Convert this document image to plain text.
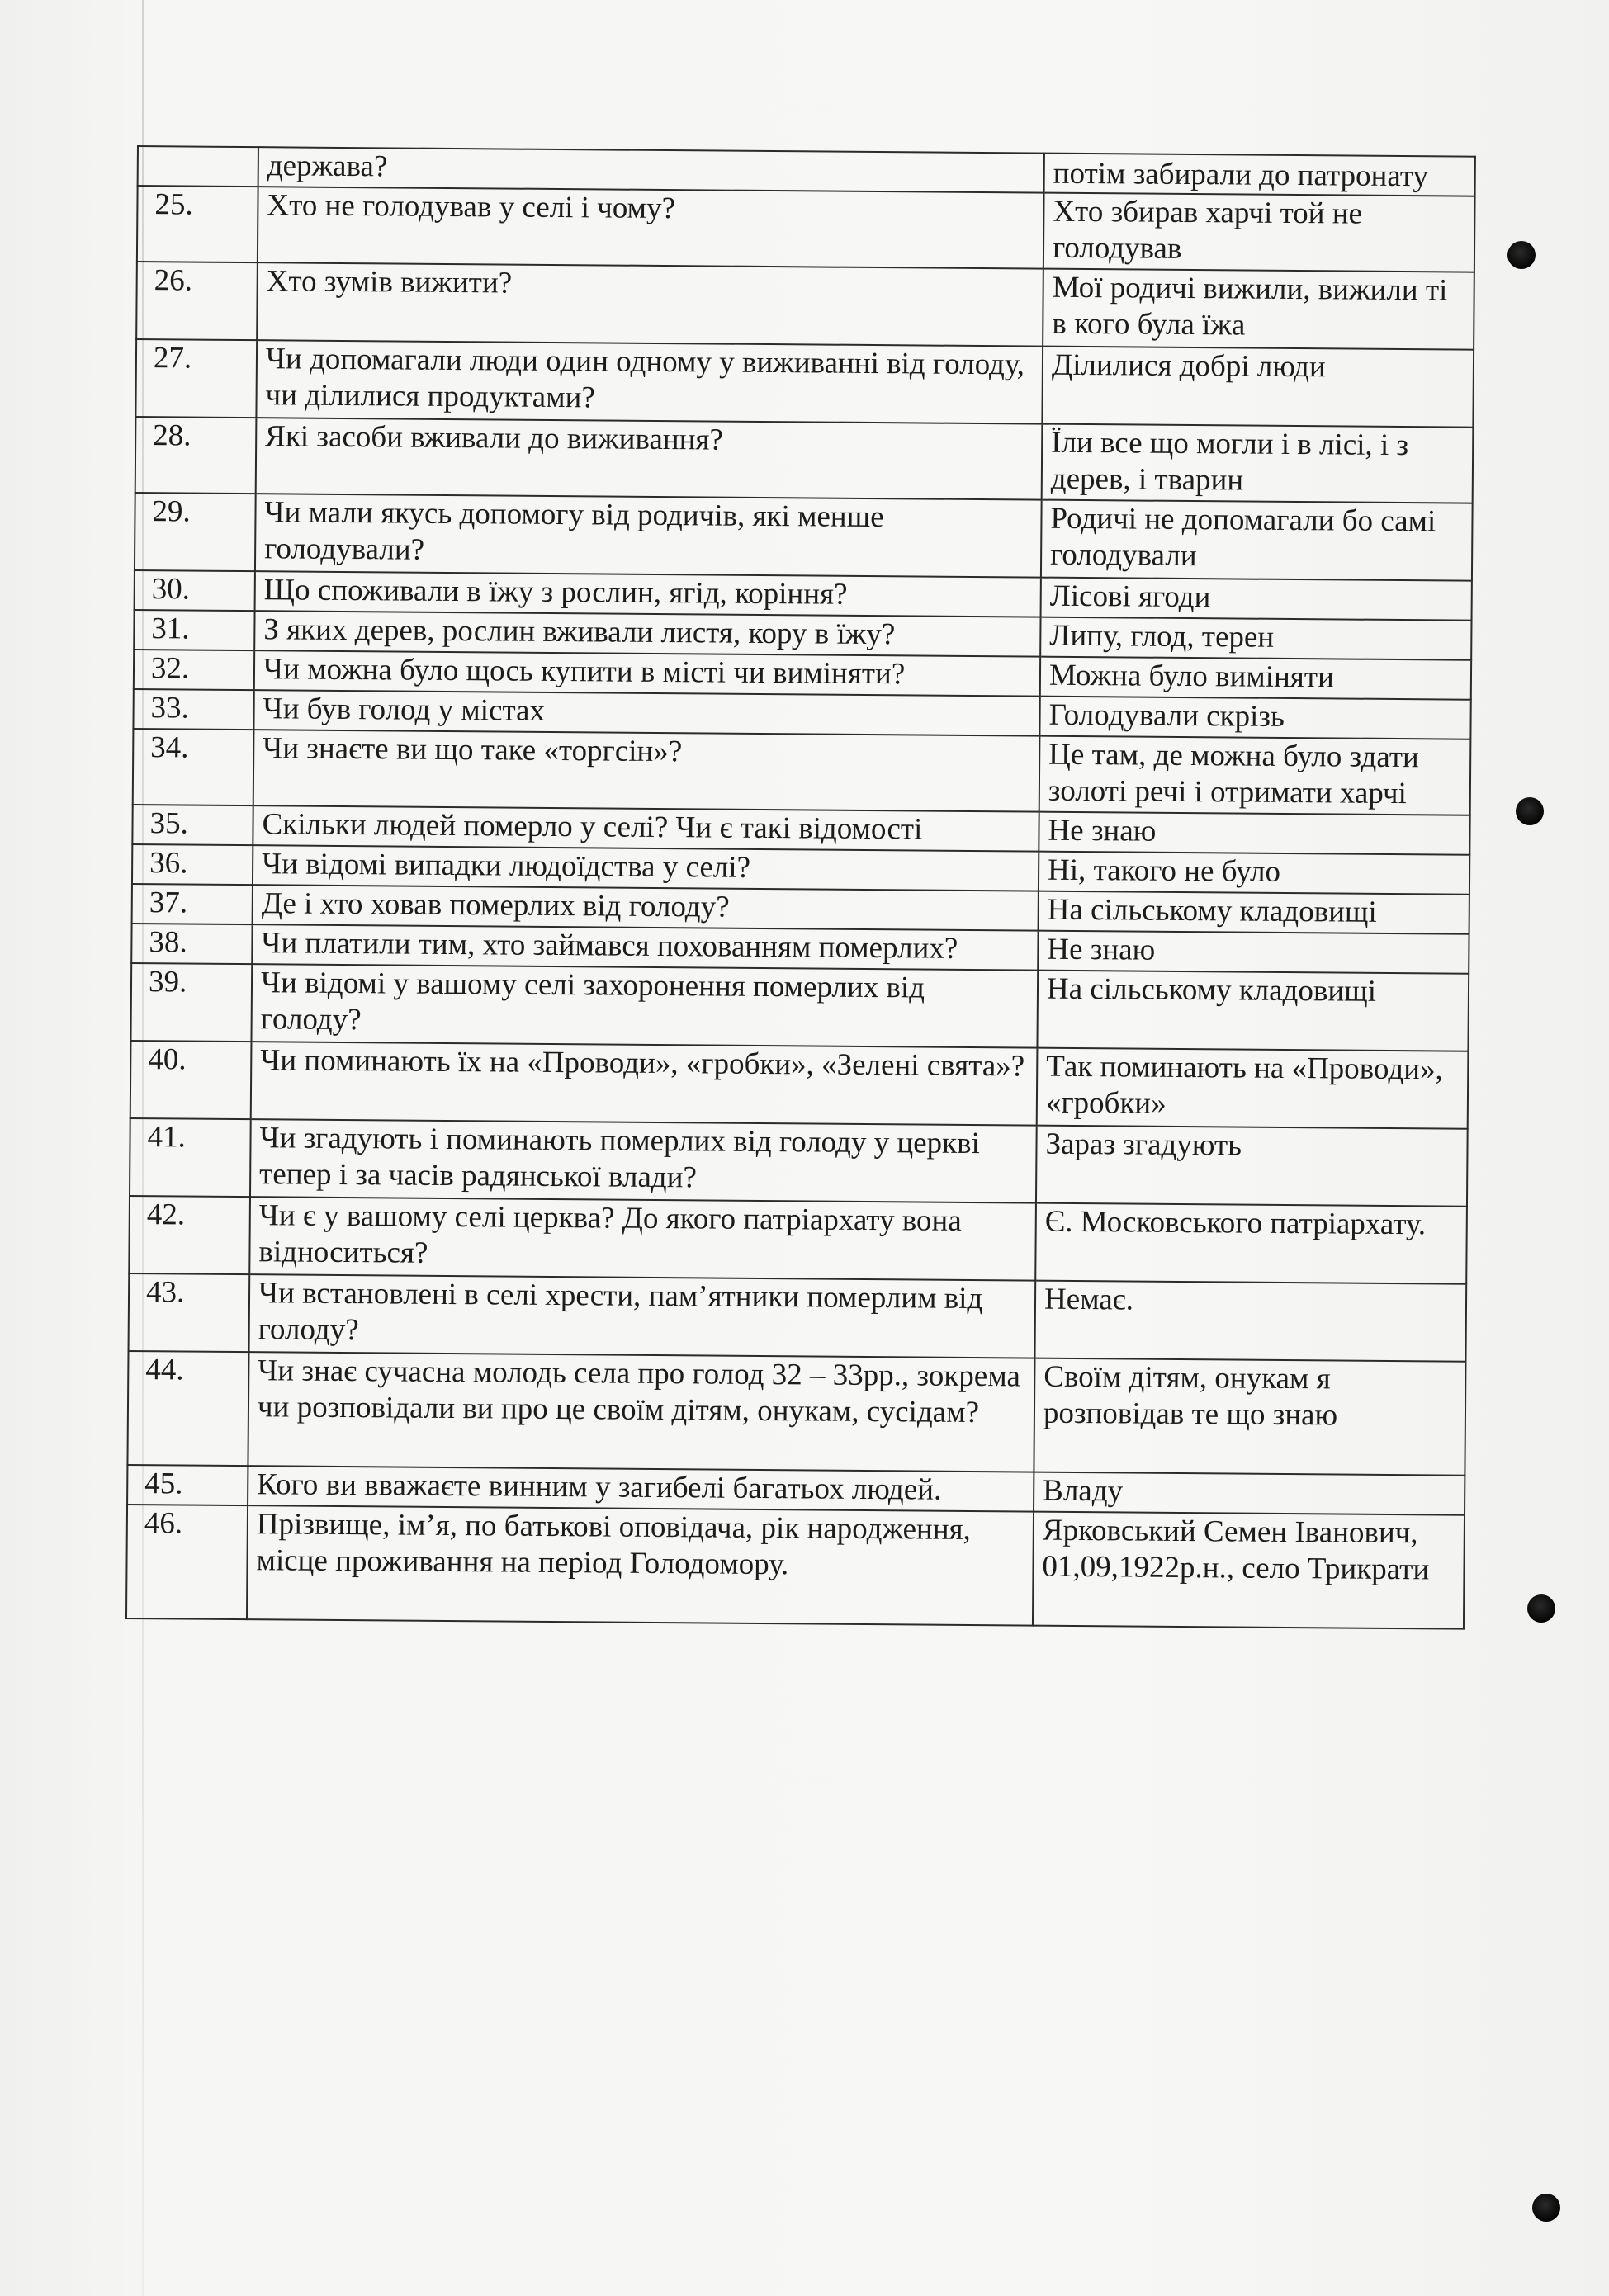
	держава?	потім забирали до патронату

25.	Хто не голодував у селі і чому?	Хто збирав харчі той не голодував

26.	Хто зумів вижити?	Мої родичі вижили, вижили ті в кого була їжа

27.	Чи допомагали люди один одному у виживанні від голоду, чи ділилися продуктами?	Ділилися добрі люди

28.	Які засоби вживали до виживання?	Їли все що могли і в лісі, і з дерев, і тварин

29.	Чи мали якусь допомогу від родичів, які менше голодували?	Родичі не допомагали бо самі голодували

30.	Що споживали в їжу з рослин, ягід, коріння?	Лісові ягоди

31.	З яких дерев, рослин вживали листя, кору в їжу?	Липу, глод, терен

32.	Чи можна було щось купити в місті чи виміняти?	Можна було виміняти

33.	Чи був голод у містах	Голодували скрізь

34.	Чи знаєте ви що таке «торгсін»?	Це там, де можна було здати золоті речі і отримати харчі

35.	Скільки людей померло у селі? Чи є такі відомості	Не знаю

36.	Чи відомі випадки людоїдства у селі?	Ні, такого не було

37.	Де і хто ховав померлих від голоду?	На сільському кладовищі

38.	Чи платили тим, хто займався похованням померлих?	Не знаю

39.	Чи відомі у вашому селі захоронення померлих від голоду?	На сільському кладовищі

40.	Чи поминають їх на «Проводи», «гробки», «Зелені свята»?	Так поминають на «Проводи», «гробки»

41.	Чи згадують і поминають померлих від голоду у церкві тепер і за часів радянської влади?	Зараз згадують

42.	Чи є у вашому селі церква? До якого патріархату вона відноситься?	Є. Московського патріархату.

43.	Чи встановлені в селі хрести, пам’ятники померлим від голоду?	Немає.

44.	Чи знає сучасна молодь села про голод 32 – 33рр., зокрема чи розповідали ви про це своїм дітям, онукам, сусідам?	Своїм дітям, онукам я розповідав те що знаю

45.	Кого ви вважаєте винним у загибелі багатьох людей.	Владу

46.	Прізвище, ім’я, по батькові оповідача, рік народження, місце проживання на період Голодомору.	Ярковський Семен Іванович, 01,09,1922р.н., село Трикрати
